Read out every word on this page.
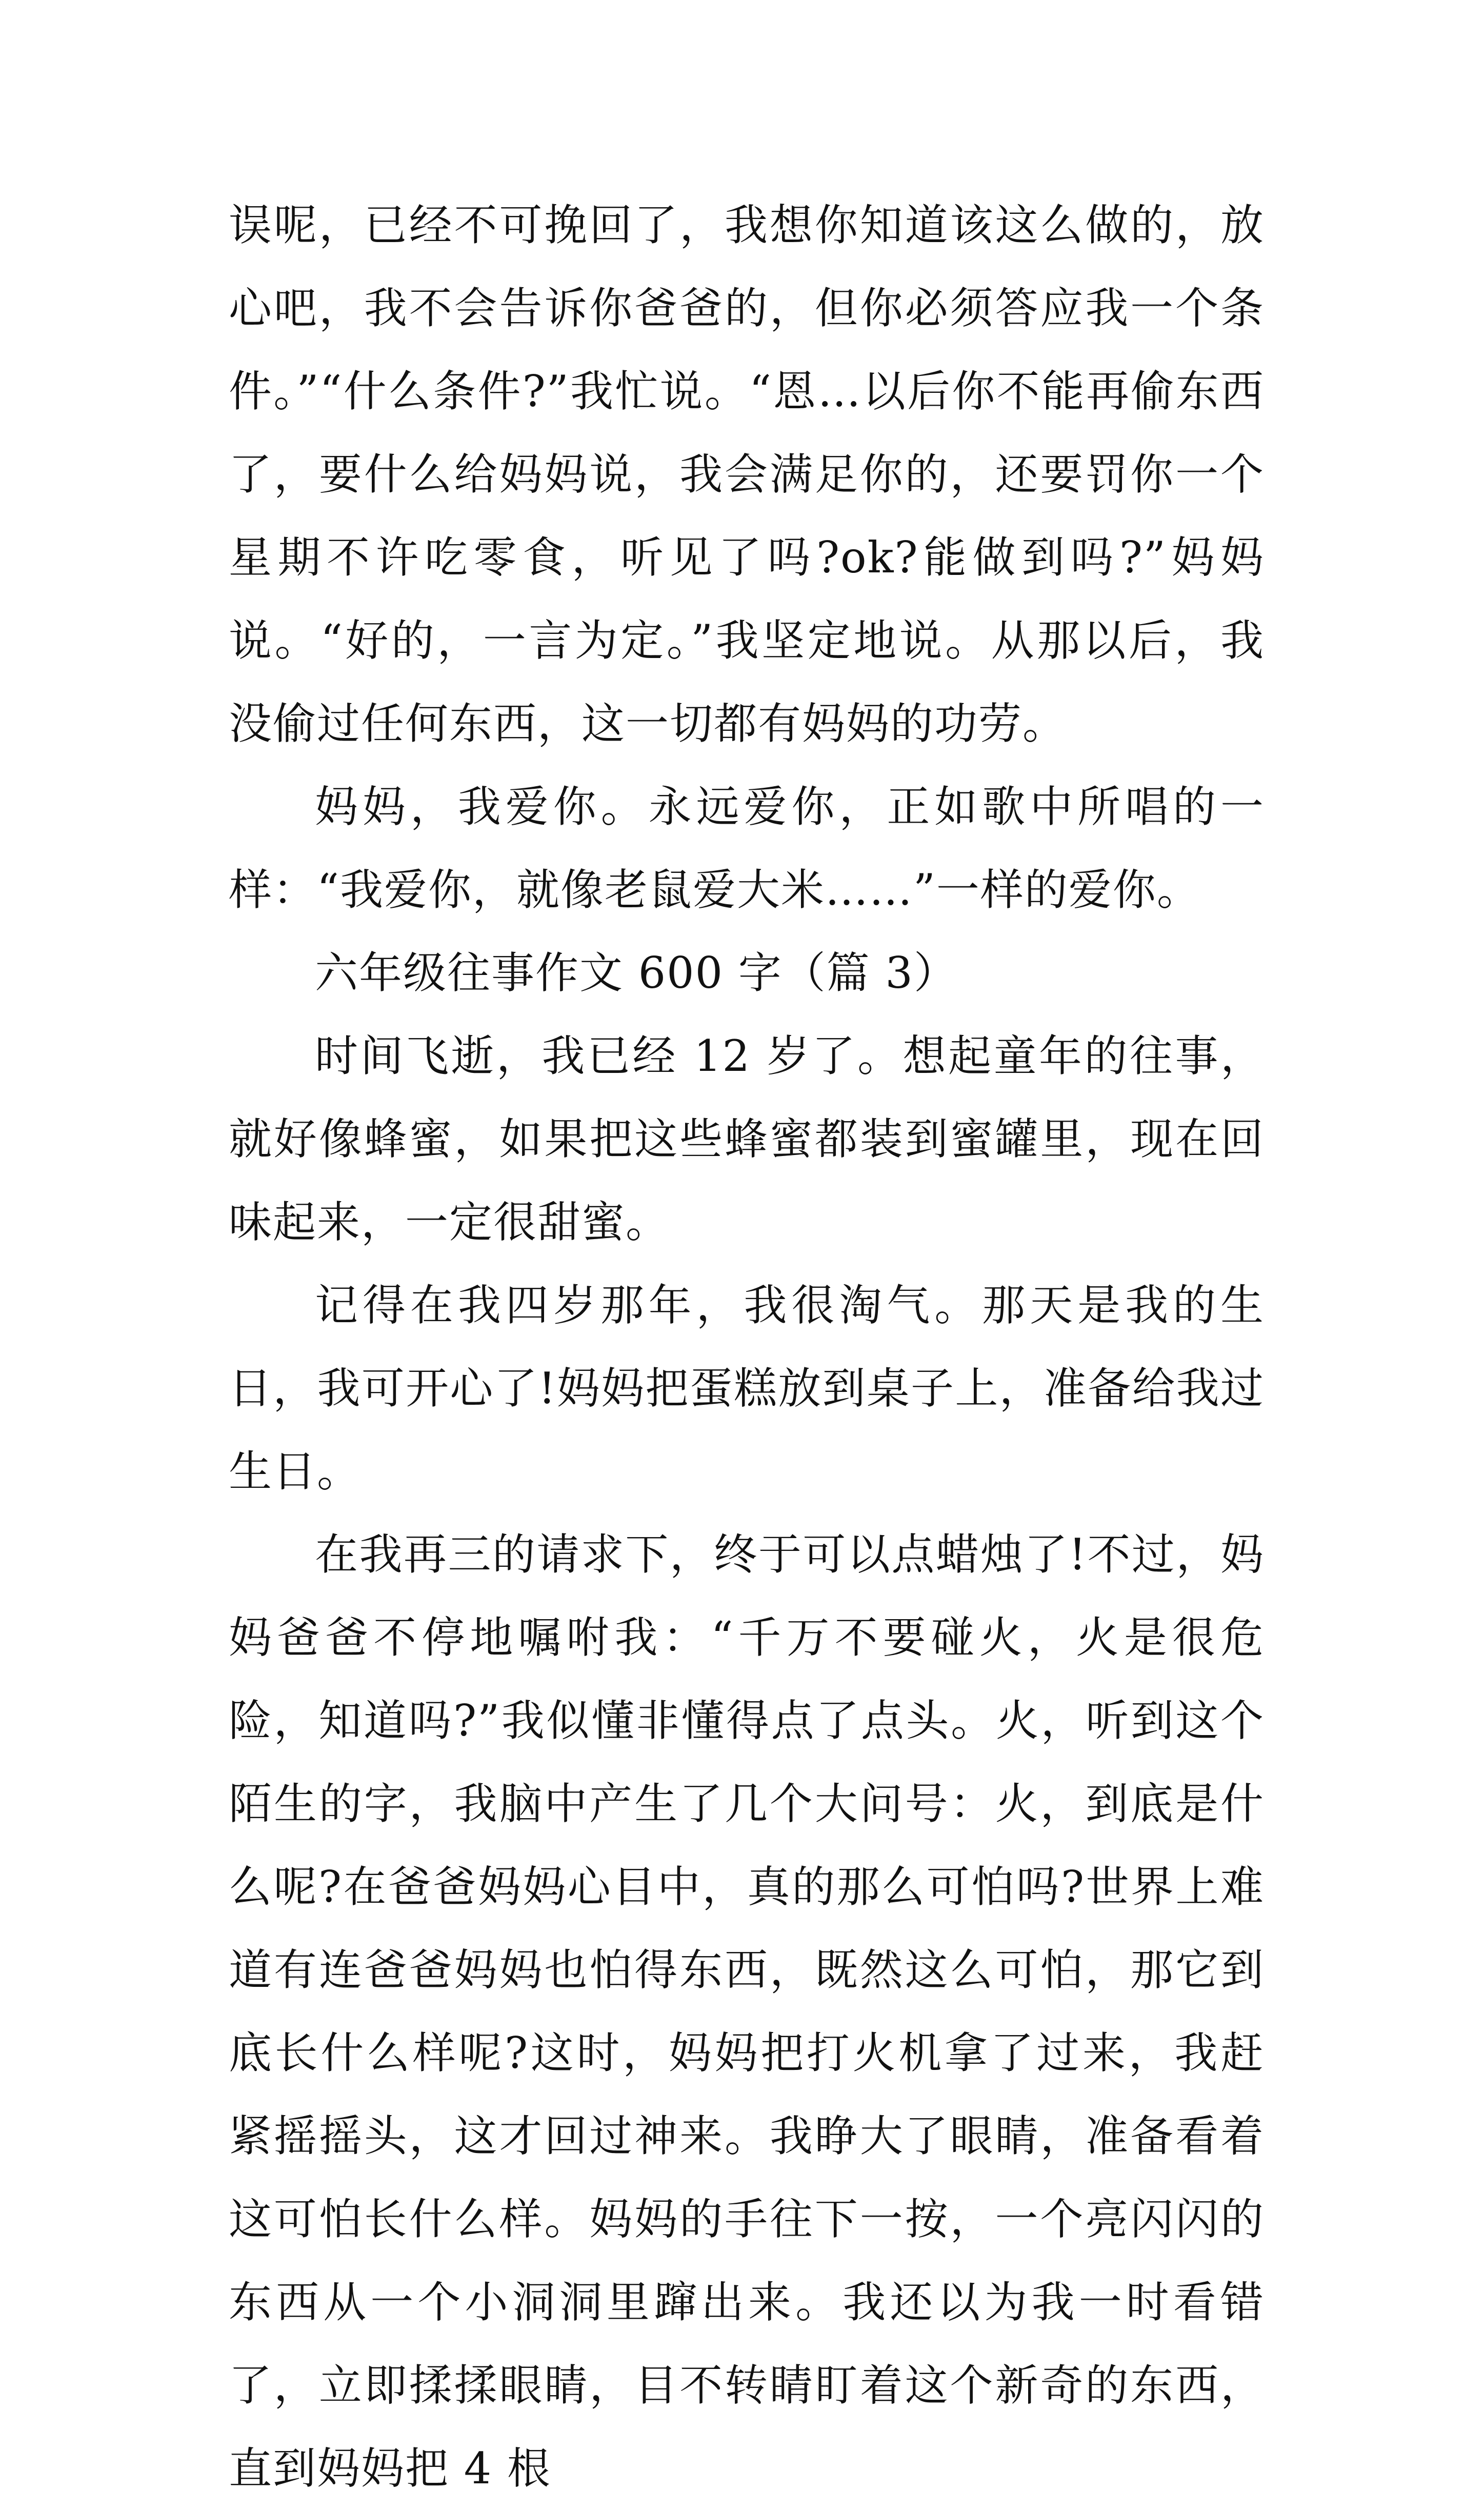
误呢，已经不可挽回了，我想你知道该这么做的，放心吧，我不会告诉你爸爸的，但你必须答应我一个条件。”“什么条件?”我忙说。“恩…以后你不能再偷东西了，要什么给妈妈说，我会满足你的，还要罚你一个星期不许吃零食，听见了吗?ok?能做到吗?”妈妈说。“好的，一言为定。”我坚定地说。从那以后，我没偷过任何东西，这一切都有妈妈的功劳。

妈妈，我爱你。永远爱你，正如歌中所唱的一样：“我爱你，就像老鼠爱大米……”一样的爱你。

六年级往事作文 600 字（篇 3）

时间飞逝，我已经 12 岁了。想起童年的往事，就好像蜂蜜，如果把这些蜂蜜都装到蜜罐里，现在回味起来，一定很甜蜜。

记得在我四岁那年，我很淘气。那天是我的生日，我可开心了!妈妈把蛋糕放到桌子上，准备给我过生日。

在我再三的请求下，终于可以点蜡烛了!不过，妈妈爸爸不停地嘱咐我：“千万不要碰火，火是很危险，知道吗?”我似懂非懂得点了点头。火，听到这个陌生的字，我脑中产生了几个大问号：火，到底是什么呢?在爸爸妈妈心目中，真的那么可怕吗?世界上难道有连爸爸妈妈也怕得东西，既然这么可怕，那它到底长什么样呢?这时，妈妈把打火机拿了过来，我赶紧摇摇头，这才回过神来。我睁大了眼睛，准备看着这可怕长什么样。妈妈的手往下一按，一个亮闪闪的东西从一个小洞洞里蹿出来。我还以为我一时看错了，立即揉揉眼睛，目不转睛盯着这个新奇的东西，直到妈妈把 4 根
